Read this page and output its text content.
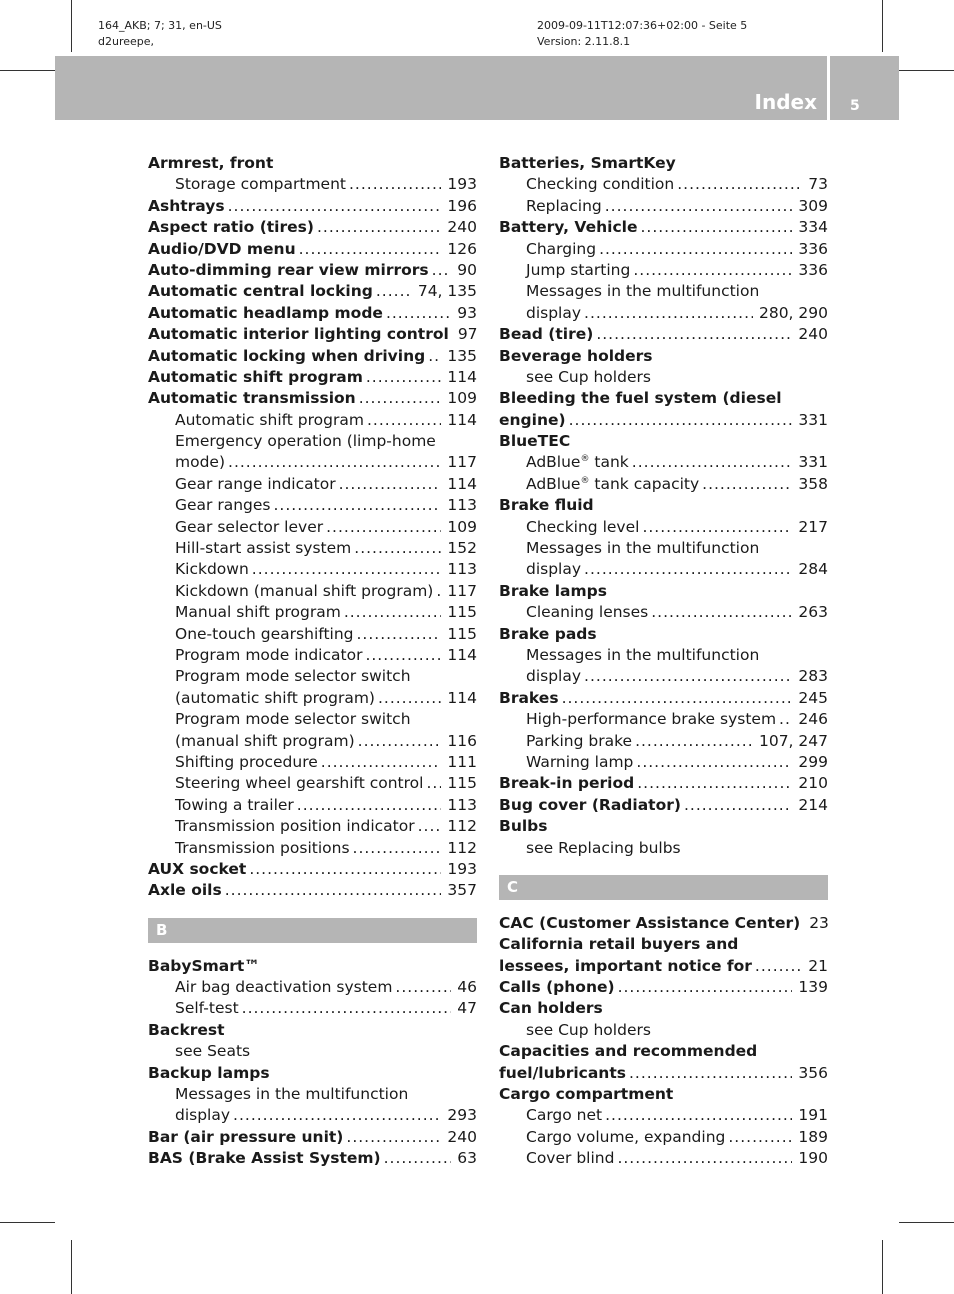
164_AKB; 7; 31, en-US
d2ureepe,
2009-09-11T12:07:36+02:00 - Seite 5
Version: 2.11.8.1
Index 5
Armrest, front
Storage compartment .....	193
Ashtrays .....	196
Aspect ratio (tires) .....	240
Audio/DVD menu .....	126
Auto-dimming rear view mirrors ..... 90
Automatic central locking .....	74, 135
Automatic headlamp mode .....	93
Automatic interior lighting control 97
Automatic locking when driving ..... 135
Automatic shift program .....	114
Automatic transmission .....	109
Automatic shift program .....	114
Emergency operation (limp-home
mode) .....	117
Gear range indicator .....	114
Gear ranges .....	113
Gear selector lever .....	109
Hill-start assist system .....	152
Kickdown .....	113
Kickdown (manual shift program) ..... 117
Manual shift program .....	115
One-touch gearshifting .....	115
Program mode indicator .....	114
Program mode selector switch
(automatic shift program) .....	114
Program mode selector switch
(manual shift program) .....	116
Shifting procedure .....	111
Steering wheel gearshift control ..... 115
Towing a trailer .....	113
Transmission position indicator ..... 112
Transmission positions .....	112
AUX socket .....	193
Axle oils .....	357
B
BabySmart™
Air bag deactivation system .....	46
Self-test .....	47
Backrest
see Seats
Backup lamps
Messages in the multifunction
display .....	293
Bar (air pressure unit) .....	240
BAS (Brake Assist System) .....	63
Batteries, SmartKey
Checking condition .....	73
Replacing .....	309
Battery, Vehicle .....	334
Charging .....	336
Jump starting .....	336
Messages in the multifunction
display .....	280, 290
Bead (tire) .....	240
Beverage holders
see Cup holders
Bleeding the fuel system (diesel
engine) .....	331
BlueTEC
AdBlue® tank .....	331
AdBlue® tank capacity .....	358
Brake fluid
Checking level .....	217
Messages in the multifunction
display .....	284
Brake lamps
Cleaning lenses .....	263
Brake pads
Messages in the multifunction
display .....	283
Brakes .....	245
High-performance brake system ..... 246
Parking brake .....	107, 247
Warning lamp .....	299
Break-in period .....	210
Bug cover (Radiator) .....	214
Bulbs
see Replacing bulbs
C
CAC (Customer Assistance Center) 23
California retail buyers and
lessees, important notice for .....	21
Calls (phone) .....	139
Can holders
see Cup holders
Capacities and recommended
fuel/lubricants .....	356
Cargo compartment
Cargo net .....	191
Cargo volume, expanding .....	189
Cover blind .....	190
